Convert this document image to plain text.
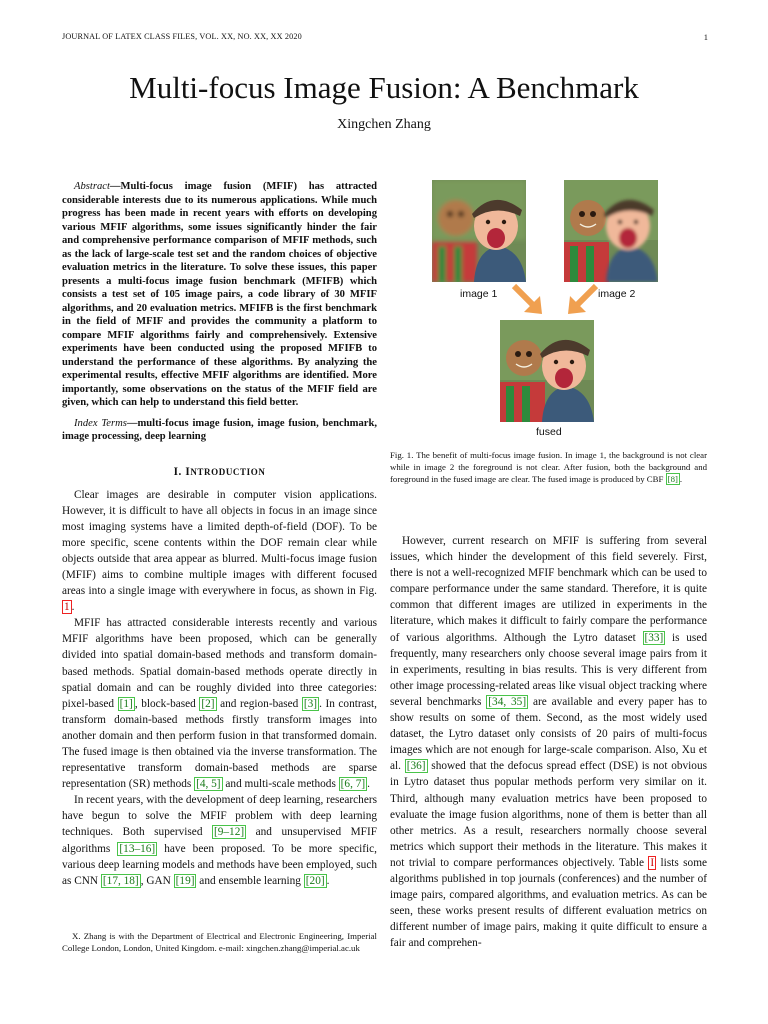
JOURNAL OF LATEX CLASS FILES, VOL. XX, NO. XX, XX 2020	1
Multi-focus Image Fusion: A Benchmark
Xingchen Zhang

Abstract—Multi-focus image fusion (MFIF) has attracted considerable interests due to its numerous applications. While much progress has been made in recent years with efforts on developing various MFIF algorithms, some issues significantly hinder the fair and comprehensive performance comparison of MFIF methods, such as the lack of large-scale test set and the random choices of objective evaluation metrics in the literature. To solve these issues, this paper presents a multi-focus image fusion benchmark (MFIFB) which consists a test set of 105 image pairs, a code library of 30 MFIF algorithms, and 20 evaluation metrics. MFIFB is the first benchmark in the field of MFIF and provides the community a platform to compare MFIF algorithms fairly and comprehensively. Extensive experiments have been conducted using the proposed MFIFB to understand the performance of these algorithms. By analyzing the experimental results, effective MFIF algorithms are identified. More importantly, some observations on the status of the MFIF field are given, which can help to understand this field better.

Index Terms—multi-focus image fusion, image fusion, benchmark, image processing, deep learning

I. INTRODUCTION

Clear images are desirable in computer vision applications. However, it is difficult to have all objects in focus in an image since most imaging systems have a limited depth-of-field (DOF). To be more specific, scene contents within the DOF remain clear while objects outside that area appear as blurred. Multi-focus image fusion (MFIF) aims to combine multiple images with different focused areas into a single image with everywhere in focus, as shown in Fig. 1 .

MFIF has attracted considerable interests recently and various MFIF algorithms have been proposed, which can be generally divided into spatial domain-based methods and transform domain-based methods. Spatial domain-based methods operate directly in spatial domain and can be roughly divided into three categories: pixel-based [1] , block-based [2] and region-based [3] . In contrast, transform domain-based methods firstly transform images into another domain and then perform fusion in that transformed domain. The fused image is then obtained via the inverse transformation. The representative transform domain-based methods are sparse representation (SR) methods [4, 5] and multi-scale methods [6, 7] .

In recent years, with the development of deep learning, researchers have begun to solve the MFIF problem with deep learning techniques. Both supervised [9–12] and unsupervised MFIF algorithms [13–16] have been proposed. To be more specific, various deep learning models and methods have been employed, such as CNN [17, 18] , GAN [19] and ensemble learning [20] .

X. Zhang is with the Department of Electrical and Electronic Engineering, Imperial College London, London, United Kingdom. e-mail: xingchen.zhang@imperial.ac.uk

image 1	image 2
fused

Fig. 1. The benefit of multi-focus image fusion. In image 1, the background is not clear while in image 2 the foreground is not clear. After fusion, both the background and foreground in the fused image are clear. The fused image is produced by CBF [8] .

However, current research on MFIF is suffering from several issues, which hinder the development of this field severely. First, there is not a well-recognized MFIF benchmark which can be used to compare performance under the same standard. Therefore, it is quite common that different images are utilized in experiments in the literature, which makes it difficult to fairly compare the performance of various algorithms. Although the Lytro dataset [33] is used frequently, many researchers only choose several image pairs from it in experiments, resulting in bias results. This is very different from other image processing-related areas like visual object tracking where several benchmarks [34, 35] are available and every paper has to show results on some of them. Second, as the most widely used dataset, the Lytro dataset only consists of 20 pairs of multi-focus images which are not enough for large-scale comparison. Also, Xu et al. [36] showed that the defocus spread effect (DSE) is not obvious in Lytro dataset thus popular methods perform very similar on it. Third, although many evaluation metrics have been proposed to evaluate the image fusion algorithms, none of them is better than all other metrics. As a result, researchers normally choose several metrics which support their methods in the literature. This makes it not trivial to compare performances objectively. Table I lists some algorithms published in top journals (conferences) and the number of image pairs, compared algorithms, and evaluation metrics. As can be seen, these works present results of different evaluation metrics on different number of image pairs, making it quite difficult to ensure a fair and comprehen-
